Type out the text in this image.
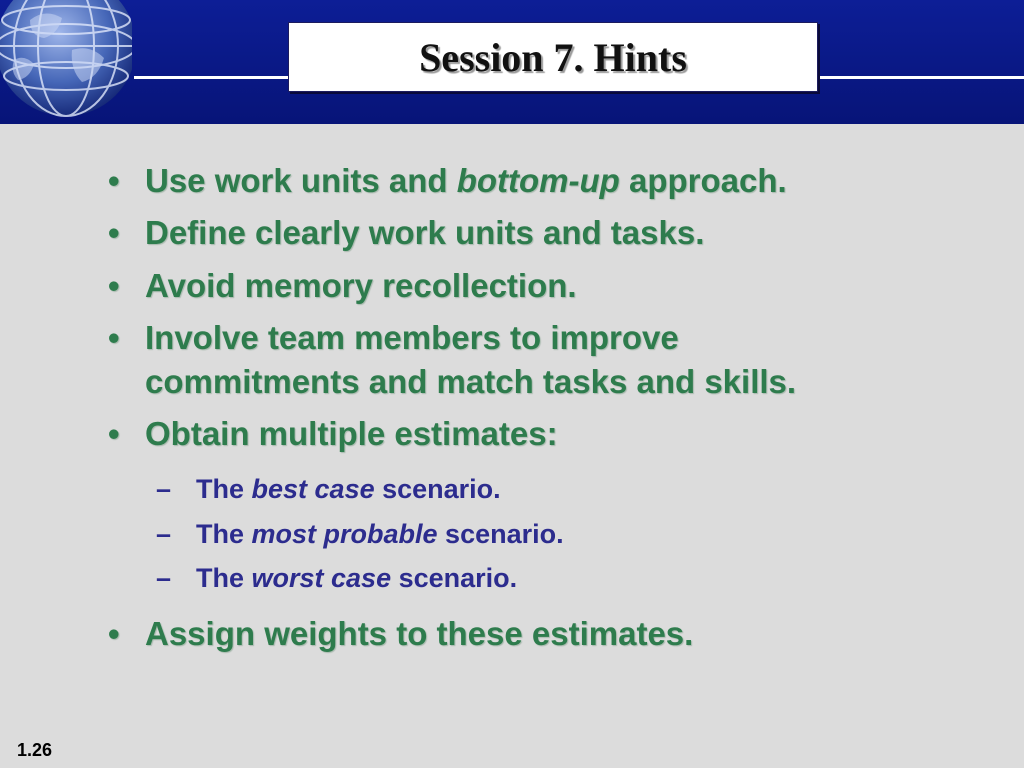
Session 7. Hints
• Use work units and bottom-up approach.
• Define clearly work units and tasks.
• Avoid memory recollection.
• Involve team members to improve
commitments and match tasks and skills.
• Obtain multiple estimates:
– The best case scenario.
– The most probable scenario.
– The worst case scenario.
• Assign weights to these estimates.
1.26
